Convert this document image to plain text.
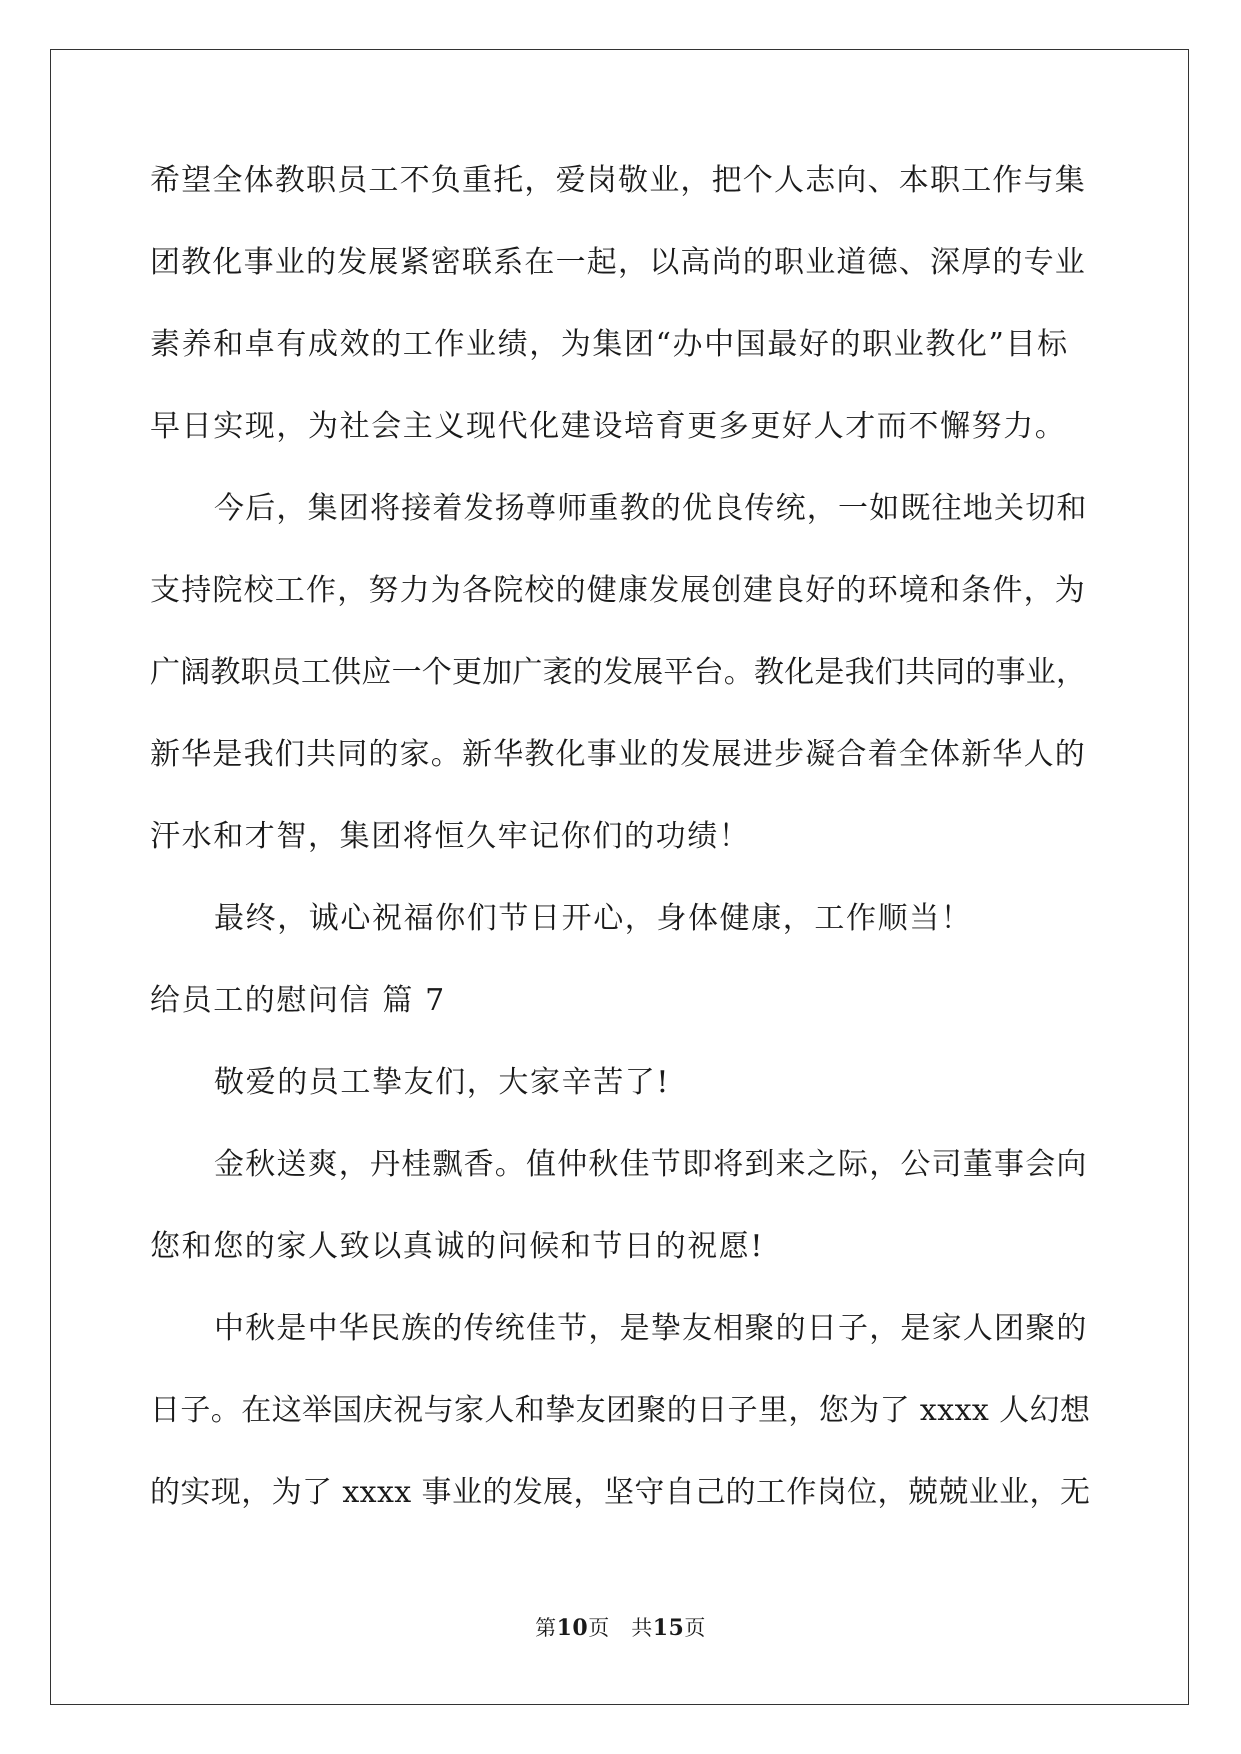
希望全体教职员工不负重托，爱岗敬业，把个人志向、本职工作与集
团教化事业的发展紧密联系在一起，以高尚的职业道德、深厚的专业
素养和卓有成效的工作业绩，为集团“办中国最好的职业教化”目标
早日实现，为社会主义现代化建设培育更多更好人才而不懈努力。
今后，集团将接着发扬尊师重教的优良传统，一如既往地关切和
支持院校工作，努力为各院校的健康发展创建良好的环境和条件，为
广阔教职员工供应一个更加广袤的发展平台。教化是我们共同的事业，
新华是我们共同的家。新华教化事业的发展进步凝合着全体新华人的
汗水和才智，集团将恒久牢记你们的功绩！
最终，诚心祝福你们节日开心，身体健康，工作顺当！
给员工的慰问信 篇 7
敬爱的员工挚友们，大家辛苦了!
金秋送爽，丹桂飘香。值仲秋佳节即将到来之际，公司董事会向
您和您的家人致以真诚的问候和节日的祝愿!
中秋是中华民族的传统佳节，是挚友相聚的日子，是家人团聚的
日子。在这举国庆祝与家人和挚友团聚的日子里，您为了 xxxx 人幻想
的实现，为了 xxxx 事业的发展，坚守自己的工作岗位，兢兢业业，无
第10页　共15页
